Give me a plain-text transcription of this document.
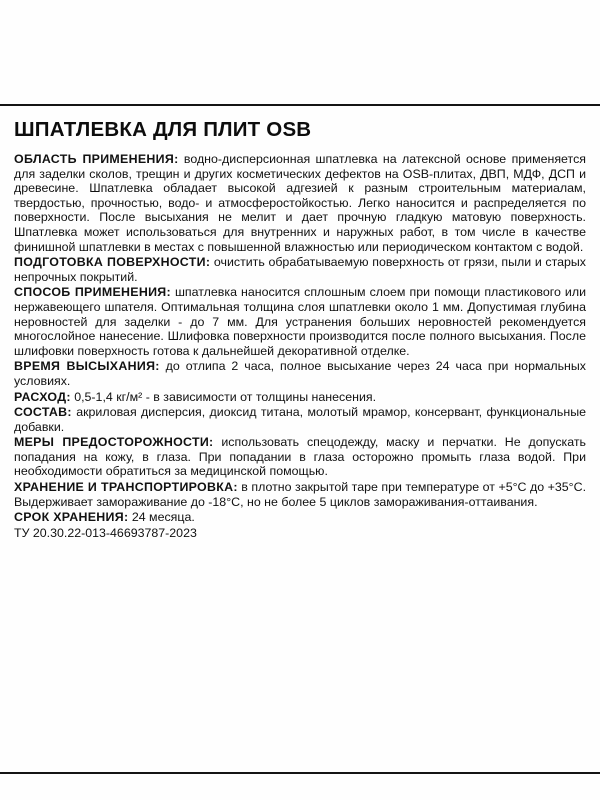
ШПАТЛЕВКА ДЛЯ ПЛИТ OSB

ОБЛАСТЬ ПРИМЕНЕНИЯ: водно-дисперсионная шпатлевка на латексной основе применяется для заделки сколов, трещин и других косметических дефектов на OSB-плитах, ДВП, МДФ, ДСП и древесине. Шпатлевка обладает высокой адгезией к разным строительным материалам, твердостью, прочностью, водо- и атмосферостойкостью. Легко наносится и распределяется по поверхности. После высыхания не мелит и дает прочную гладкую матовую поверхность. Шпатлевка может использоваться для внутренних и наружных работ, в том числе в качестве финишной шпатлевки в местах с повышенной влажностью или периодическом контактом с водой.

ПОДГОТОВКА ПОВЕРХНОСТИ: очистить обрабатываемую поверхность от грязи, пыли и старых непрочных покрытий.

СПОСОБ ПРИМЕНЕНИЯ: шпатлевка наносится сплошным слоем при помощи пластикового или нержавеющего шпателя. Оптимальная толщина слоя шпатлевки около 1 мм. Допустимая глубина неровностей для заделки - до 7 мм. Для устранения больших неровностей рекомендуется многослойное нанесение. Шлифовка поверхности производится после полного высыхания. После шлифовки поверхность готова к дальнейшей декоративной отделке.

ВРЕМЯ ВЫСЫХАНИЯ: до отлипа 2 часа, полное высыхание через 24 часа при нормальных условиях.

РАСХОД: 0,5-1,4 кг/м² - в зависимости от толщины нанесения.

СОСТАВ: акриловая дисперсия, диоксид титана, молотый мрамор, консервант, функциональные добавки.

МЕРЫ ПРЕДОСТОРОЖНОСТИ: использовать спецодежду, маску и перчатки. Не допускать попадания на кожу, в глаза. При попадании в глаза осторожно промыть глаза водой. При необходимости обратиться за медицинской помощью.

ХРАНЕНИЕ И ТРАНСПОРТИРОВКА: в плотно закрытой таре при температуре от +5°C до +35°C. Выдерживает замораживание до -18°C, но не более 5 циклов замораживания-оттаивания.

СРОК ХРАНЕНИЯ: 24 месяца.

ТУ 20.30.22-013-46693787-2023
